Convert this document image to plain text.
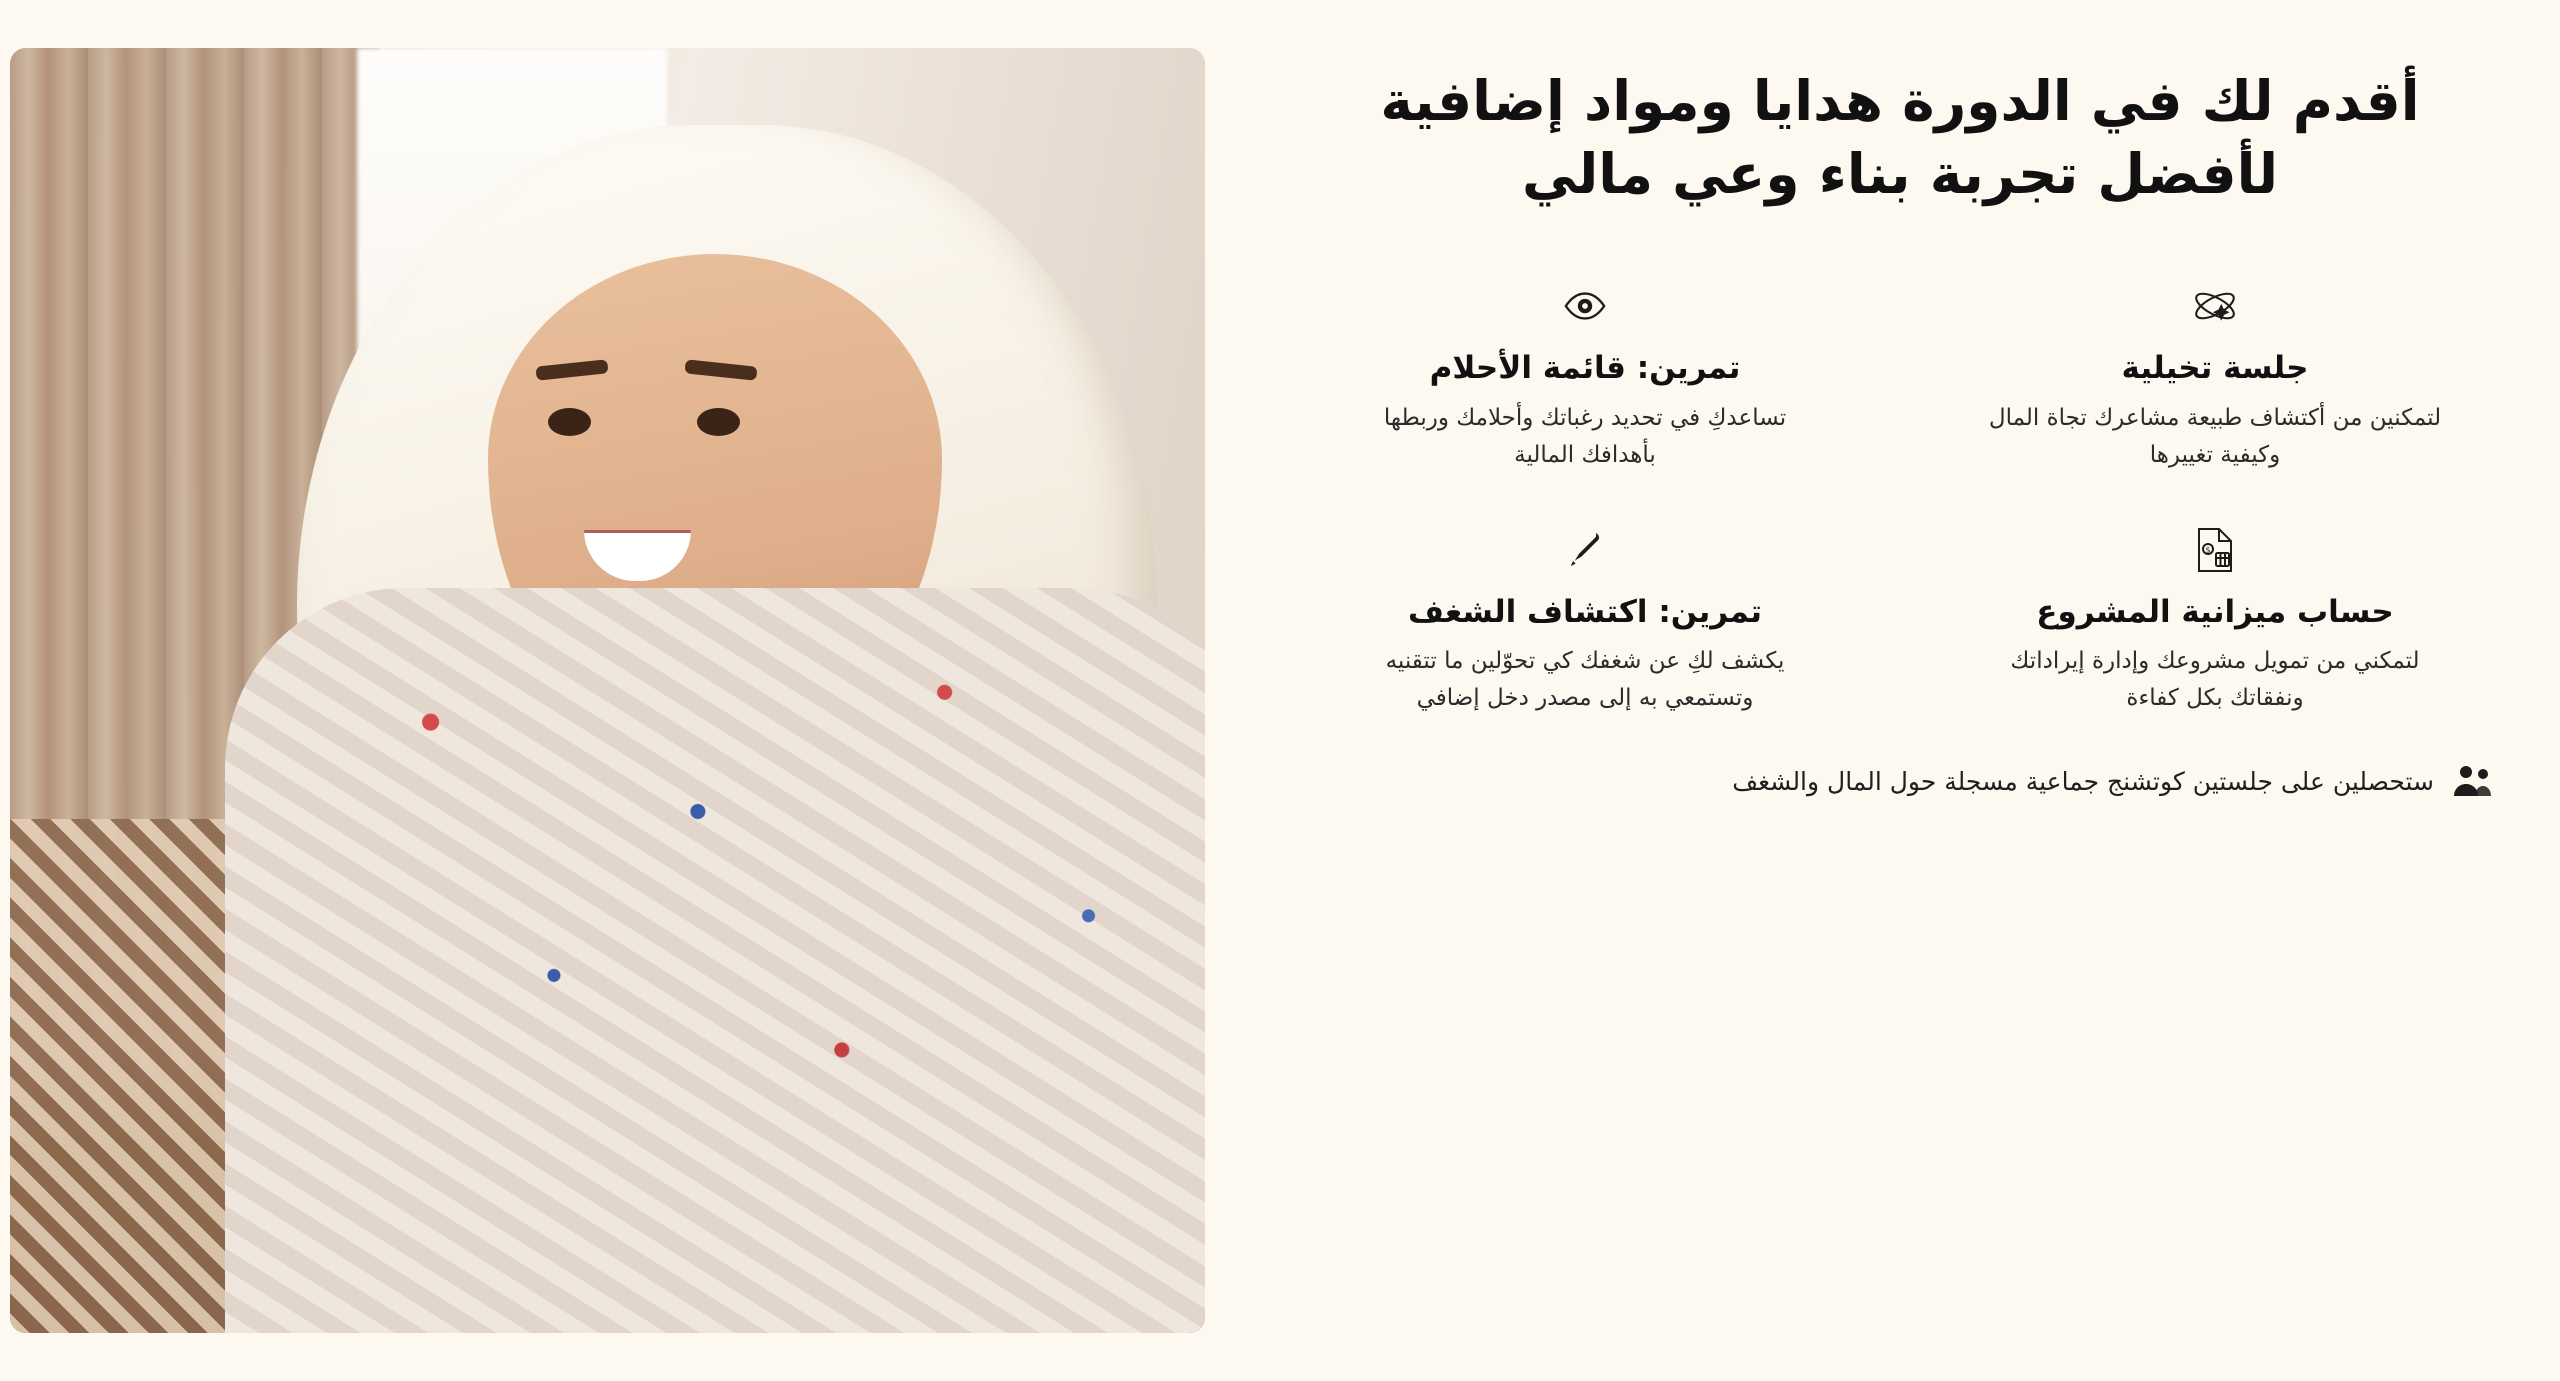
أقدم لك في الدورة هدايا ومواد إضافية لأفضل تجربة بناء وعي مالي
جلسة تخيلية
لتمكنين من أكتشاف طبيعة مشاعرك تجاة المال وكيفية تغييرها
تمرين: قائمة الأحلام
تساعدكِ في تحديد رغباتك وأحلامك وربطها بأهدافك المالية
$
حساب ميزانية المشروع
لتمكني من تمويل مشروعك وإدارة إيراداتك ونفقاتك بكل كفاءة
تمرين: اكتشاف الشغف
يكشف لكِ عن شغفك كي تحوّلين ما تتقنيه وتستمعي به إلى مصدر دخل إضافي
ستحصلين على جلستين كوتشنج جماعية مسجلة حول المال والشغف
